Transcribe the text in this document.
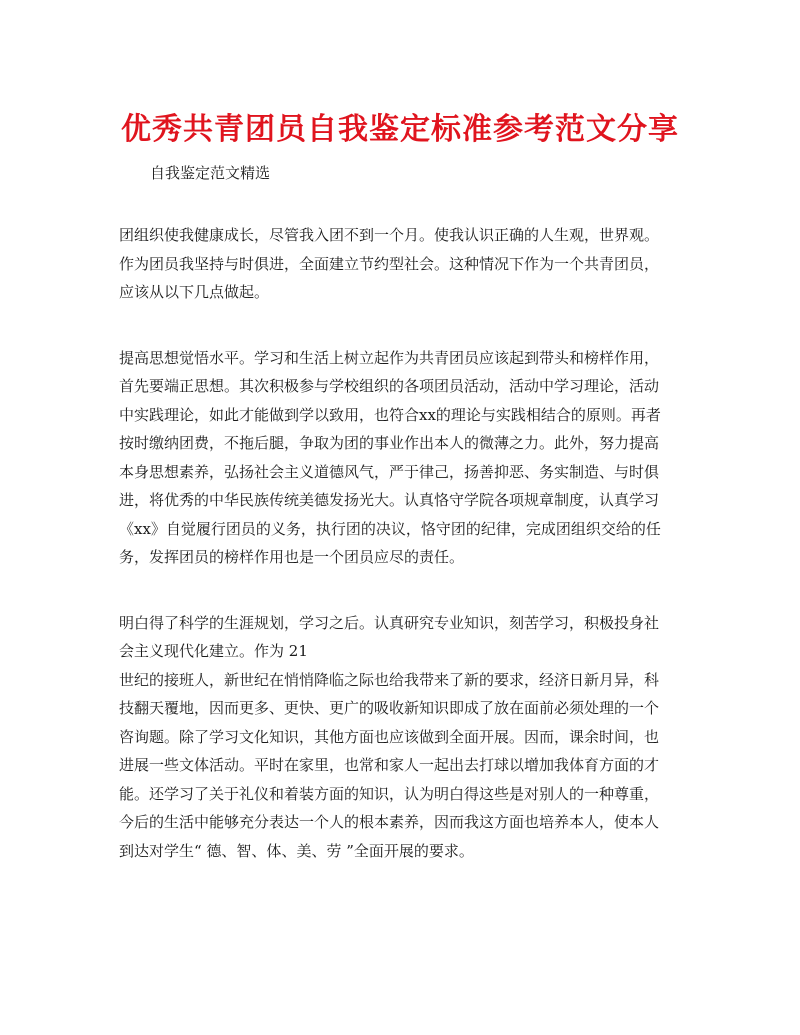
优秀共青团员自我鉴定标准参考范文分享

自我鉴定范文精选

团组织使我健康成长，尽管我入团不到一个月。使我认识正确的人生观，世界观。
作为团员我坚持与时俱进，全面建立节约型社会。这种情况下作为一个共青团员，
应该从以下几点做起。
提高思想觉悟水平。学习和生活上树立起作为共青团员应该起到带头和榜样作用，
首先要端正思想。其次积极参与学校组织的各项团员活动，活动中学习理论，活动
中实践理论，如此才能做到学以致用，也符合xx的理论与实践相结合的原则。再者
按时缴纳团费，不拖后腿，争取为团的事业作出本人的微薄之力。此外，努力提高
本身思想素养，弘扬社会主义道德风气，严于律己，扬善抑恶、务实制造、与时俱
进，将优秀的中华民族传统美德发扬光大。认真恪守学院各项规章制度，认真学习
《xx》自觉履行团员的义务，执行团的决议，恪守团的纪律，完成团组织交给的任
务，发挥团员的榜样作用也是一个团员应尽的责任。
明白得了科学的生涯规划，学习之后。认真研究专业知识，刻苦学习，积极投身社
会主义现代化建立。作为 21
世纪的接班人，新世纪在悄悄降临之际也给我带来了新的要求，经济日新月异，科
技翻天覆地，因而更多、更快、更广的吸收新知识即成了放在面前必须处理的一个
咨询题。除了学习文化知识，其他方面也应该做到全面开展。因而，课余时间，也
进展一些文体活动。平时在家里，也常和家人一起出去打球以增加我体育方面的才
能。还学习了关于礼仪和着装方面的知识，认为明白得这些是对别人的一种尊重，
今后的生活中能够充分表达一个人的根本素养，因而我这方面也培养本人，使本人
到达对学生“ 德、智、体、美、劳 ”全面开展的要求。
